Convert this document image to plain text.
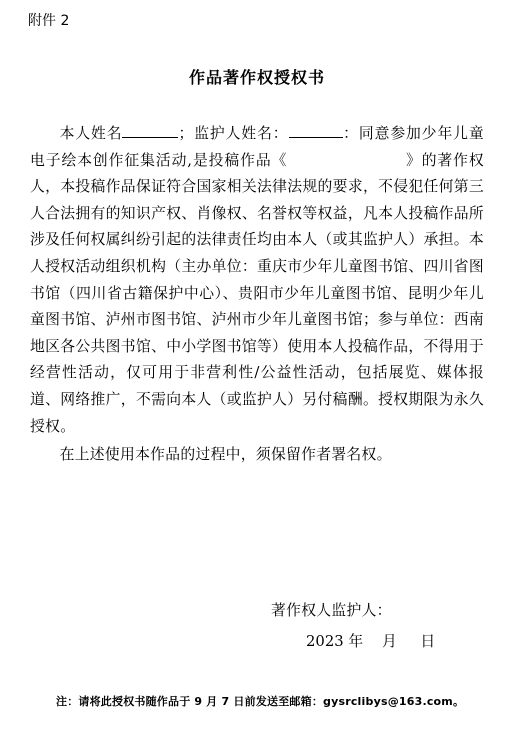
附件 2
作品著作权授权书

本人姓名	；监护人姓名：	：同意参加少年儿童电子绘本创作征集活动,是投稿作品《	》的著作权人，本投稿作品保证符合国家相关法律法规的要求，不侵犯任何第三人合法拥有的知识产权、肖像权、名誉权等权益，凡本人投稿作品所涉及任何权属纠纷引起的法律责任均由本人（或其监护人）承担。本人授权活动组织机构（主办单位：重庆市少年儿童图书馆、四川省图书馆（四川省古籍保护中心）、贵阳市少年儿童图书馆、昆明少年儿童图书馆、泸州市图书馆、泸州市少年儿童图书馆；参与单位：西南地区各公共图书馆、中小学图书馆等）使用本人投稿作品，不得用于经营性活动，仅可用于非营利性/公益性活动，包括展览、媒体报道、网络推广，不需向本人（或监护人）另付稿酬。授权期限为永久授权。

在上述使用本作品的过程中，须保留作者署名权。

著作权人监护人：
2023 年 月 日
注：请将此授权书随作品于 9 月 7 日前发送至邮箱：gysrclibys@163.com。
